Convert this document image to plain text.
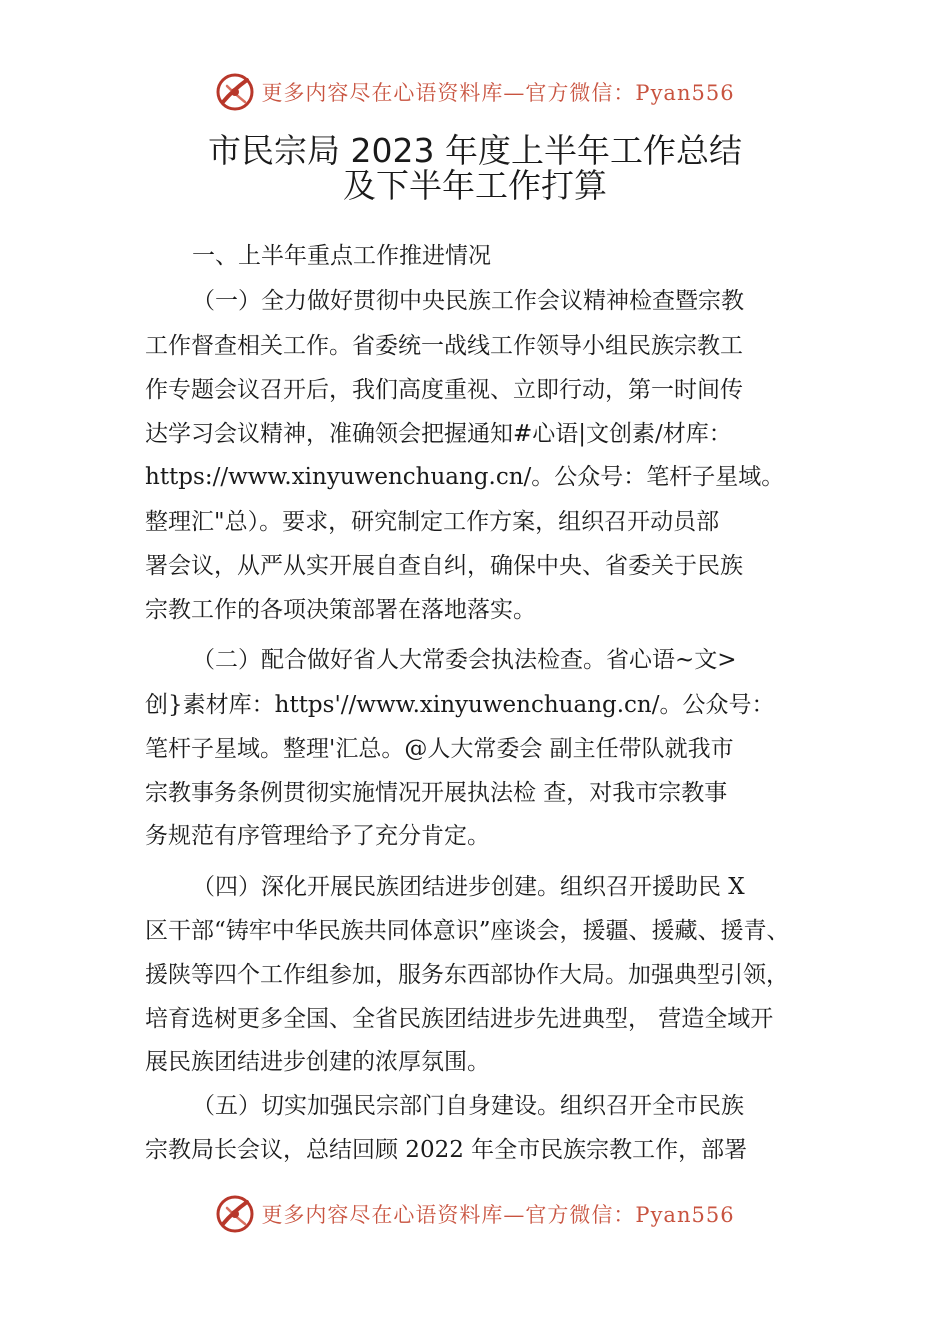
更多内容尽在心语资料库—官方微信：Pyan556
市民宗局 2023 年度上半年工作总结
及下半年工作打算
一、上半年重点工作推进情况
（一）全力做好贯彻中央民族工作会议精神检查暨宗教
工作督查相关工作。省委统一战线工作领导小组民族宗教工
作专题会议召开后，我们高度重视、立即行动，第一时间传
达学习会议精神，准确领会把握通知#心语|文创素/材库：
https://www.xinyuwenchuang.cn/。公众号：笔杆子星域。
整理汇"总）。要求，研究制定工作方案，组织召开动员部
署会议，从严从实开展自查自纠，确保中央、省委关于民族
宗教工作的各项决策部署在落地落实。
（二）配合做好省人大常委会执法检查。省心语~文>
创}素材库：https'//www.xinyuwenchuang.cn/。公众号：
笔杆子星域。整理'汇总。@人大常委会 副主任带队就我市
宗教事务条例贯彻实施情况开展执法检 查，对我市宗教事
务规范有序管理给予了充分肯定。
（四）深化开展民族团结进步创建。组织召开援助民 X
区干部“铸牢中华民族共同体意识”座谈会，援疆、援藏、援青、
援陕等四个工作组参加，服务东西部协作大局。加强典型引领，
培育选树更多全国、全省民族团结进步先进典型， 营造全域开
展民族团结进步创建的浓厚氛围。
（五）切实加强民宗部门自身建设。组织召开全市民族
宗教局长会议，总结回顾 2022 年全市民族宗教工作，部署
更多内容尽在心语资料库—官方微信：Pyan556
